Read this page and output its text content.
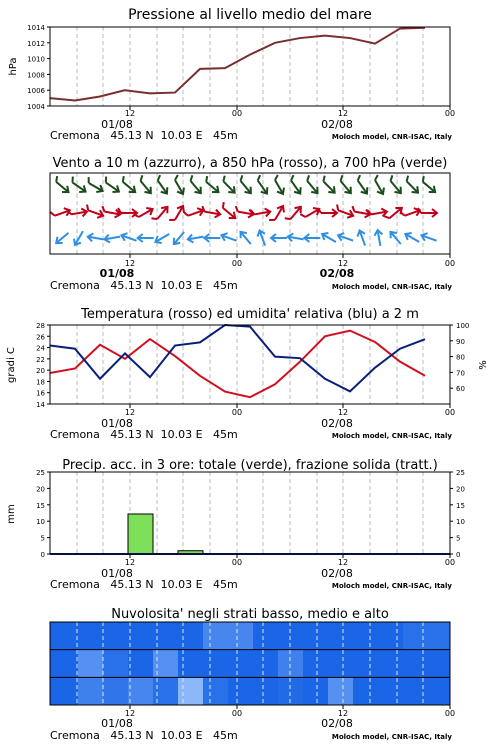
Pressione al livello medio del mare
1004
1006
1008
1010
1012
1014
hPa
12	00	12	00
01/08	02/08
Cremona   45.13 N  10.03 E   45m	Moloch model, CNR-ISAC, Italy
Vento a 10 m (azzurro), a 850 hPa (rosso), a 700 hPa (verde)
12	00	12	00
01/08	02/08
Cremona   45.13 N  10.03 E   45m	Moloch model, CNR-ISAC, Italy
Temperatura (rosso) ed umidita' relativa (blu) a 2 m
14
16
18
20
22
24
26
28
60
70
80
90
100
gradi C	%
12	00	12	00
01/08	02/08
Cremona   45.13 N  10.03 E   45m	Moloch model, CNR-ISAC, Italy
Precip. acc. in 3 ore: totale (verde), frazione solida (tratt.)
0	0
5	5
10	10
15	15
20	20
25	25
mm
12	00	12	00
01/08	02/08
Cremona   45.13 N  10.03 E   45m	Moloch model, CNR-ISAC, Italy
Nuvolosita' negli strati basso, medio e alto
12	00	12	00
01/08	02/08
Cremona   45.13 N  10.03 E   45m	Moloch model, CNR-ISAC, Italy
